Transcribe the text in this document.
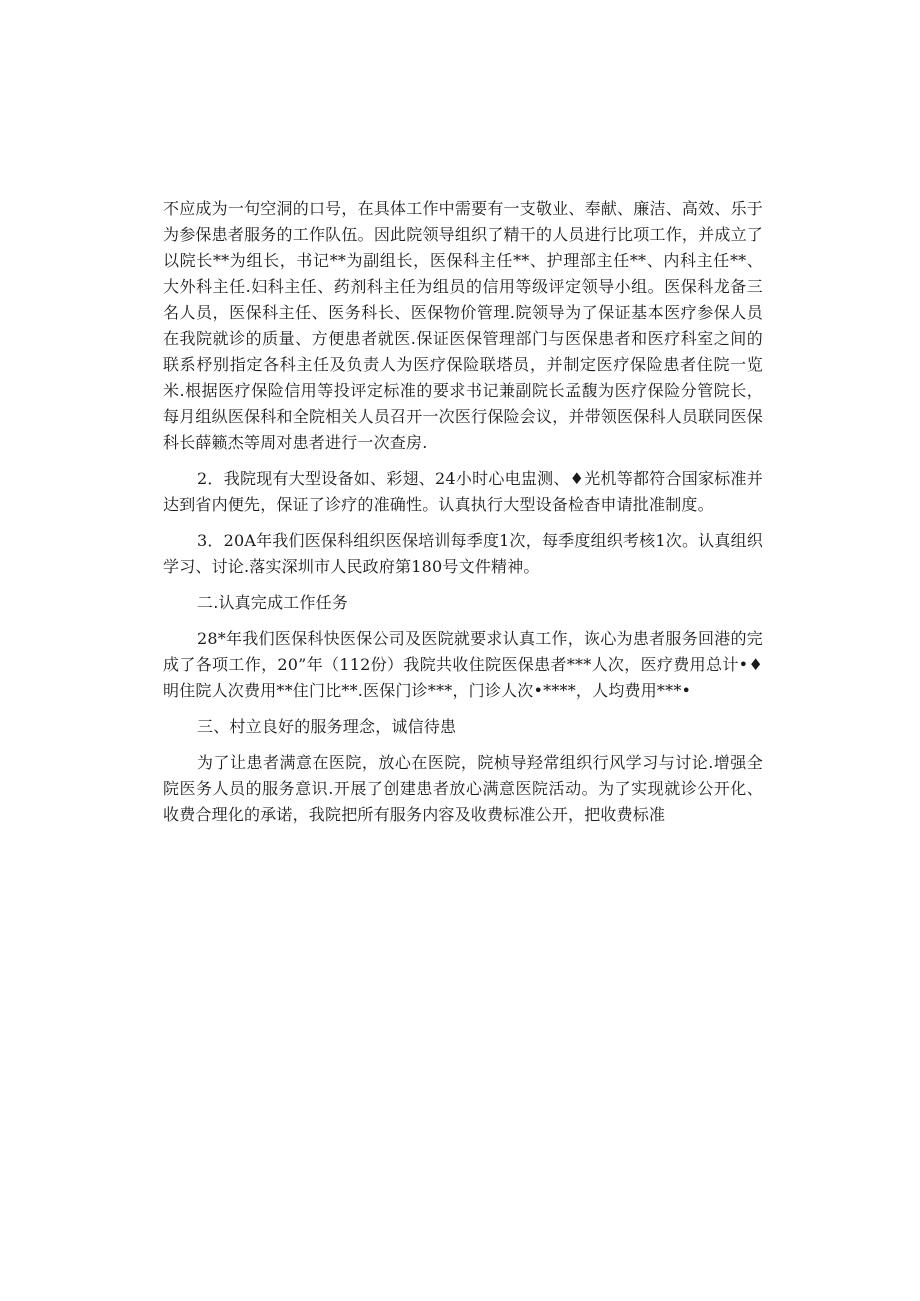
不应成为一句空洞的口号，在具体工作中需要有一支敬业、奉献、廉洁、高效、乐于为参保患者服务的工作队伍。因此院领导组织了精干的人员进行比项工作，并成立了以院长**为组长，书记**为副组长，医保科主任**、护理部主任**、内科主任**、大外科主任.妇科主任、药剂科主任为组员的信用等级评定领导小组。医保科龙备三名人员，医保科主任、医务科长、医保物价管理.院领导为了保证基本医疗参保人员在我院就诊的质量、方便患者就医.保证医保管理部门与医保患者和医疗科室之间的联系杼别指定各科主任及负责人为医疗保险联塔员，并制定医疗保险患者住院一览米.根据医疗保险信用等投评定标准的要求书记兼副院长孟馥为医疗保险分管院长，每月组纵医保科和全院相关人员召开一次医行保险会议，并带领医保科人员联同医保科长薛籁杰等周对患者进行一次查房.

2．我院现有大型设备如、彩翅、24小时心电盅测、♦光机等都符合国家标准并达到省内便先，保证了诊疗的准确性。认真执行大型设备检杳申请批准制度。

3．20A年我们医保科组织医保培训每季度1次，每季度组织考核1次。认真组织学习、讨论.落实深圳市人民政府第180号文件精神。

二.认真完成工作任务

28*年我们医保科快医保公司及医院就要求认真工作，诙心为患者服务回港的完成了各项工作，20”年（112份）我院共收住院医保患者***人次，医疗费用总计•♦明住院人次费用**住门比**.医保门诊***，门诊人次•****，人均费用***•

三、村立良好的服务理念，诚信待患

为了让患者满意在医院，放心在医院，院桢导羟常组织行风学习与讨论.增强全院医务人员的服务意识.开展了创建患者放心满意医院活动。为了实现就诊公开化、收费合理化的承诺，我院把所有服务内容及收费标准公开，把收费标准
